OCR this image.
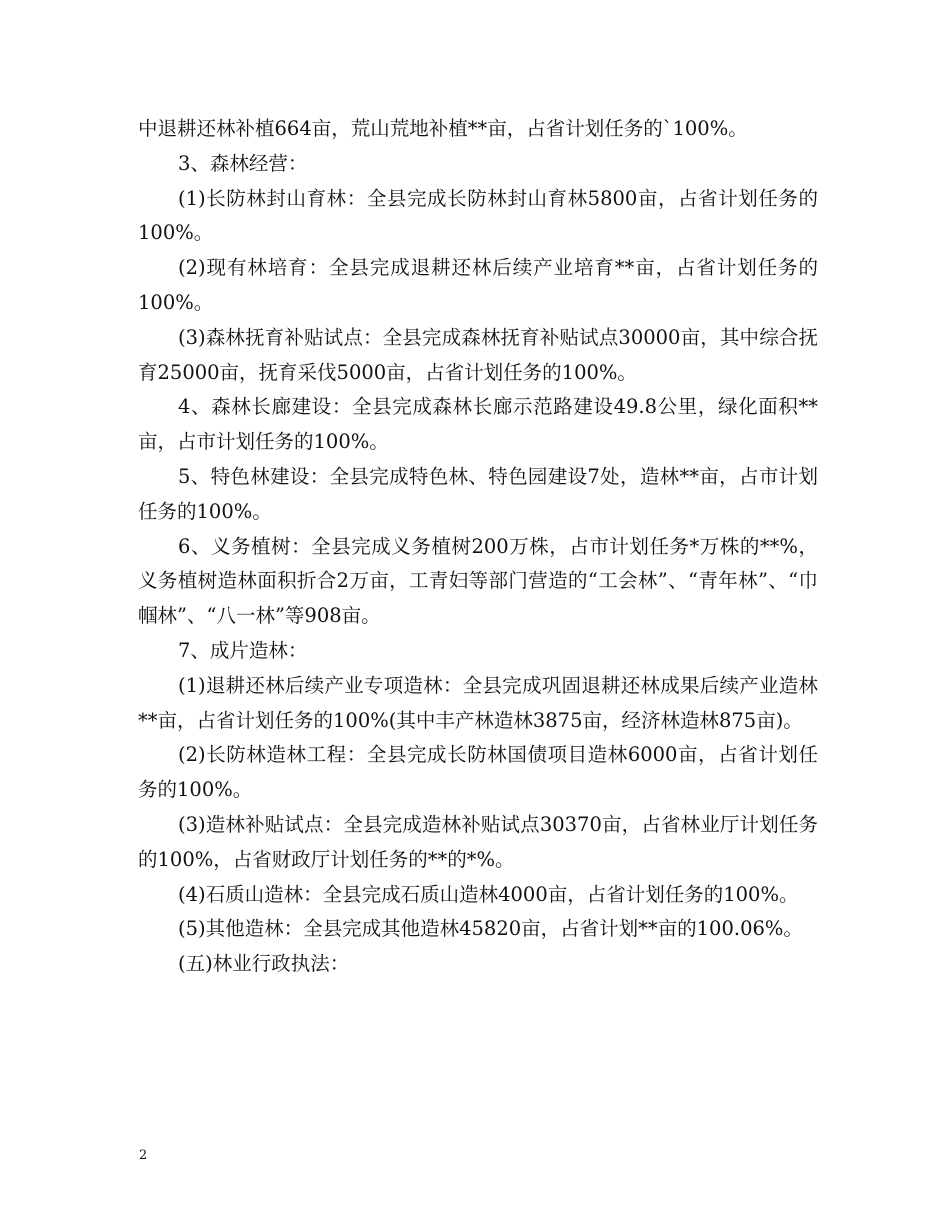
中退耕还林补植664亩，荒山荒地补植**亩，占省计划任务的`100%。

3、森林经营：

(1)长防林封山育林：全县完成长防林封山育林5800亩，占省计划任务的100%。

(2)现有林培育：全县完成退耕还林后续产业培育**亩，占省计划任务的100%。

(3)森林抚育补贴试点：全县完成森林抚育补贴试点30000亩，其中综合抚育25000亩，抚育采伐5000亩，占省计划任务的100%。

4、森林长廊建设：全县完成森林长廊示范路建设49.8公里，绿化面积**亩，占市计划任务的100%。

5、特色林建设：全县完成特色林、特色园建设7处，造林**亩，占市计划任务的100%。

6、义务植树：全县完成义务植树200万株，占市计划任务*万株的**%，义务植树造林面积折合2万亩，工青妇等部门营造的“工会林”、“青年林”、“巾帼林”、“八一林”等908亩。

7、成片造林：

(1)退耕还林后续产业专项造林：全县完成巩固退耕还林成果后续产业造林**亩，占省计划任务的100%(其中丰产林造林3875亩，经济林造林875亩)。

(2)长防林造林工程：全县完成长防林国债项目造林6000亩，占省计划任务的100%。

(3)造林补贴试点：全县完成造林补贴试点30370亩，占省林业厅计划任务的100%，占省财政厅计划任务的**的*%。

(4)石质山造林：全县完成石质山造林4000亩，占省计划任务的100%。

(5)其他造林：全县完成其他造林45820亩，占省计划**亩的100.06%。

(五)林业行政执法：

2
